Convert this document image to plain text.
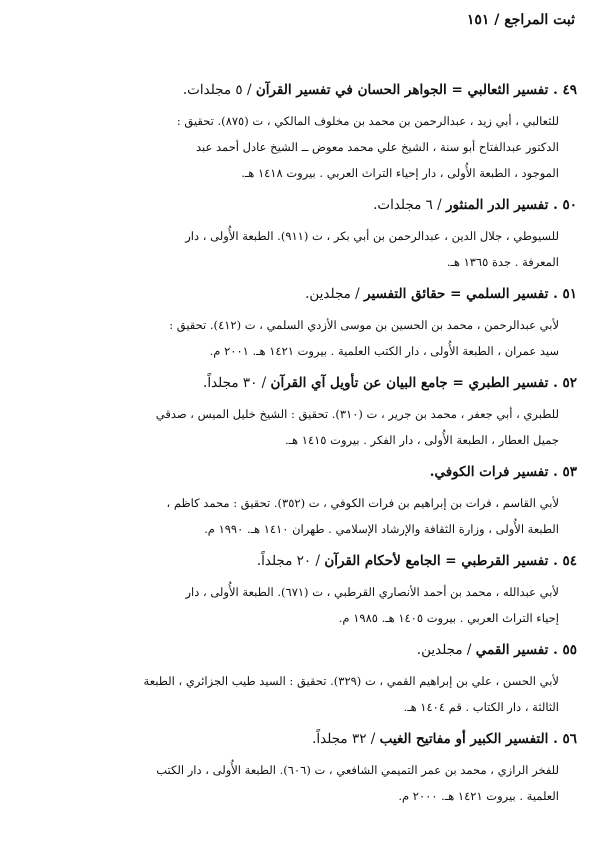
ثبت المراجع / ١٥١
٤٩ . تفسير الثعالبي = الجواهر الحسان في تفسير القرآن / ٥ مجلدات.
للثعالبي ، أبي زيد ، عبدالرحمن بن محمد بن مخلوف المالكي ، ت (٨٧٥). تحقيق :
الدكتور عبدالفتاح أبو سنة ، الشيخ علي محمد معوض ــ الشيخ عادل أحمد عبد
الموجود ، الطبعة الأُولى ، دار إحياء التراث العربي . بيروت ١٤١٨ هـ.
٥٠ . تفسير الدر المنثور / ٦ مجلدات.
للسيوطي ، جلال الدين ، عبدالرحمن بن أبي بكر ، ت (٩١١). الطبعة الأُولى ، دار
المعرفة . جدة ١٣٦٥ هـ.
٥١ . تفسير السلمي = حقائق التفسير / مجلدين.
لأبي عبدالرحمن ، محمد بن الحسين بن موسى الأزدي السلمي ، ت (٤١٢). تحقيق :
سيد عمران ، الطبعة الأُولى ، دار الكتب العلمية . بيروت ١٤٢١ هـ. ٢٠٠١ م.
٥٢ . تفسير الطبري = جامع البيان عن تأويل آي القرآن / ٣٠ مجلداً.
للطبري ، أبي جعفر ، محمد بن جرير ، ت (٣١٠). تحقيق : الشيخ خليل الميس ، صدقي
جميل العطار ، الطبعة الأُولى ، دار الفكر . بيروت ١٤١٥ هـ.
٥٣ . تفسير فرات الكوفي.
لأبي القاسم ، فرات بن إبراهيم بن فرات الكوفي ، ت (٣٥٢). تحقيق : محمد كاظم ،
الطبعة الأُولى ، وزارة الثقافة والإرشاد الإسلامي . طهران ١٤١٠ هـ. ١٩٩٠ م.
٥٤ . تفسير القرطبي = الجامع لأحكام القرآن / ٢٠ مجلداً.
لأبي عبدالله ، محمد بن أحمد الأنصاري القرطبي ، ت (٦٧١). الطبعة الأُولى ، دار
إحياء التراث العربي . بيروت ١٤٠٥ هـ. ١٩٨٥ م.
٥٥ . تفسير القمي / مجلدين.
لأبي الحسن ، علي بن إبراهيم القمي ، ت (٣٢٩). تحقيق : السيد طيب الجزائري ، الطبعة
الثالثة ، دار الكتاب . قم ١٤٠٤ هـ.
٥٦ . التفسير الكبير أو مفاتيح الغيب / ٣٢ مجلداً.
للفخر الرازي ، محمد بن عمر التميمي الشافعي ، ت (٦٠٦). الطبعة الأُولى ، دار الكتب
العلمية . بيروت ١٤٢١ هـ. ٢٠٠٠ م.
